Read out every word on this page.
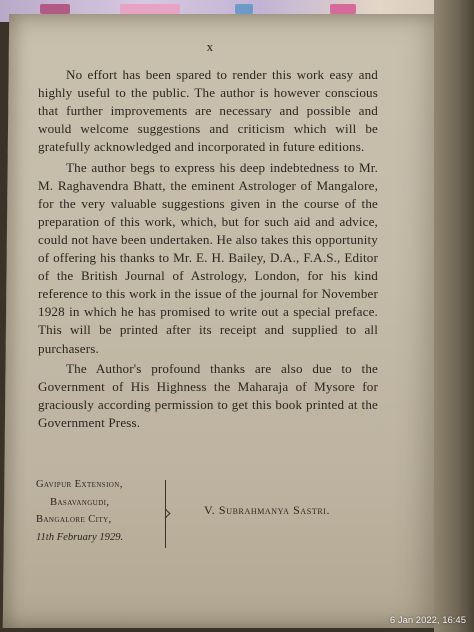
x

No effort has been spared to render this work easy and highly useful to the public. The author is however conscious that further improvements are necessary and possible and would welcome suggestions and criticism which will be gratefully acknowledged and incorporated in future editions.

The author begs to express his deep indebtedness to Mr. M. Raghavendra Bhatt, the eminent Astrologer of Mangalore, for the very valuable suggestions given in the course of the preparation of this work, which, but for such aid and advice, could not have been undertaken. He also takes this opportunity of offering his thanks to Mr. E. H. Bailey, D.A., F.A.S., Editor of the British Journal of Astrology, London, for his kind reference to this work in the issue of the journal for November 1928 in which he has promised to write out a special preface. This will be printed after its receipt and supplied to all purchasers.

The Author's profound thanks are also due to the Government of His Highness the Maharaja of Mysore for graciously according permission to get this book printed at the Government Press.

Gavipur Extension,
Basavangudi,
Bangalore City,
11th February 1929.
V. Subrahmanya Sastri.
6 Jan 2022, 16:45
